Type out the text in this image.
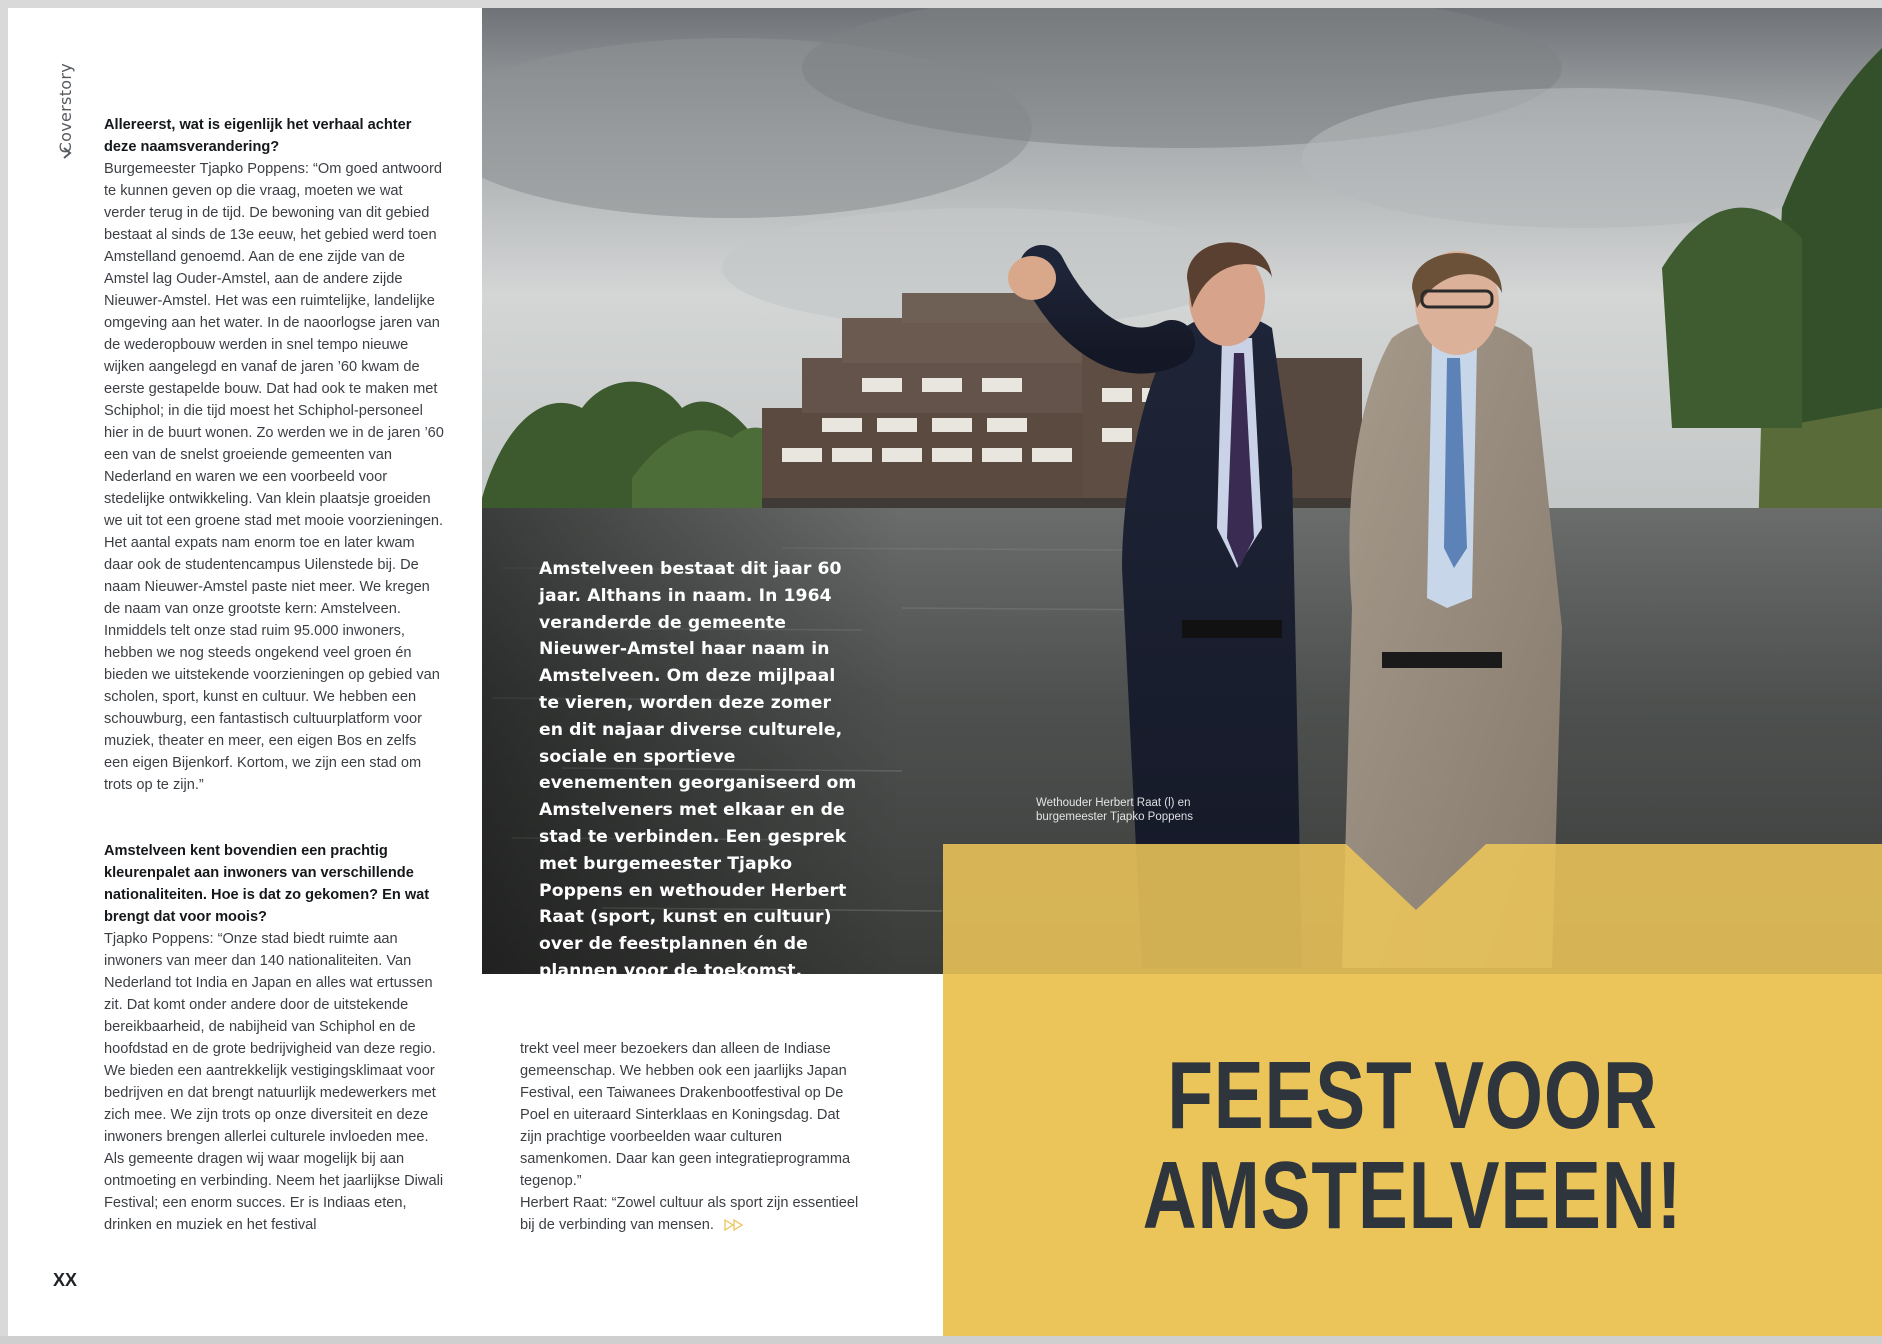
Coverstory Allereerst, wat is eigenlijk het verhaal achter deze naamsverandering?

Burgemeester Tjapko Poppens: “Om goed antwoord te kunnen geven op die vraag, moeten we wat verder terug in de tijd. De bewoning van dit gebied bestaat al sinds de 13e eeuw, het gebied werd toen Amstelland genoemd. Aan de ene zijde van de Amstel lag Ouder-Amstel, aan de andere zijde Nieuwer-Amstel. Het was een ruimtelijke, landelijke omgeving aan het water. In de naoorlogse jaren van de wederopbouw werden in snel tempo nieuwe wijken aangelegd en vanaf de jaren ’60 kwam de eerste gestapelde bouw. Dat had ook te maken met Schiphol; in die tijd moest het Schiphol-personeel hier in de buurt wonen. Zo werden we in de jaren ’60 een van de snelst groeiende gemeenten van Nederland en waren we een voorbeeld voor stedelijke ontwikkeling. Van klein plaatsje groeiden we uit tot een groene stad met mooie voorzieningen. Het aantal expats nam enorm toe en later kwam daar ook de studentencampus Uilenstede bij. De naam Nieuwer-Amstel paste niet meer. We kregen de naam van onze grootste kern: Amstelveen. Inmiddels telt onze stad ruim 95.000 inwoners, hebben we nog steeds ongekend veel groen én bieden we uitstekende voorzieningen op gebied van scholen, sport, kunst en cultuur. We hebben een schouwburg, een fantastisch cultuurplatform voor muziek, theater en meer, een eigen Bos en zelfs een eigen Bijenkorf. Kortom, we zijn een stad om trots op te zijn.”

Amstelveen kent bovendien een prachtig kleurenpalet aan inwoners van verschillende nationaliteiten. Hoe is dat zo gekomen? En wat brengt dat voor moois?

Tjapko Poppens: “Onze stad biedt ruimte aan inwoners van meer dan 140 nationaliteiten. Van Nederland tot India en Japan en alles wat ertussen zit. Dat komt onder andere door de uitstekende bereikbaarheid, de nabijheid van Schiphol en de hoofdstad en de grote bedrijvigheid van deze regio. We bieden een aantrekkelijk vestigingsklimaat voor bedrijven en dat brengt natuurlijk medewerkers met zich mee. We zijn trots op onze diversiteit en deze inwoners brengen allerlei culturele invloeden mee. Als gemeente dragen wij waar mogelijk bij aan ontmoeting en verbinding. Neem het jaarlijkse Diwali Festival; een enorm succes. Er is Indiaas eten, drinken en muziek en het festival

trekt veel meer bezoekers dan alleen de Indiase gemeenschap. We hebben ook een jaarlijks Japan Festival, een Taiwanees Drakenbootfestival op De Poel en uiteraard Sinterklaas en Koningsdag. Dat zijn prachtige voorbeelden waar culturen samenkomen. Daar kan geen integratieprogramma tegenop.”

Herbert Raat: “Zowel cultuur als sport zijn essentieel bij de verbinding van mensen.

XX
Amstelveen bestaat dit jaar 60 jaar. Althans in naam. In 1964 veranderde de gemeente Nieuwer-Amstel haar naam in Amstelveen. Om deze mijlpaal te vieren, worden deze zomer en dit najaar diverse culturele, sociale en sportieve evenementen georganiseerd om Amstelveners met elkaar en de stad te verbinden. Een gesprek met burgemeester Tjapko Poppens en wethouder Herbert Raat (sport, kunst en cultuur) over de feestplannen én de plannen voor de toekomst.
Wethouder Herbert Raat (l) en burgemeester Tjapko Poppens
FEEST VOOR
AMSTELVEEN!
